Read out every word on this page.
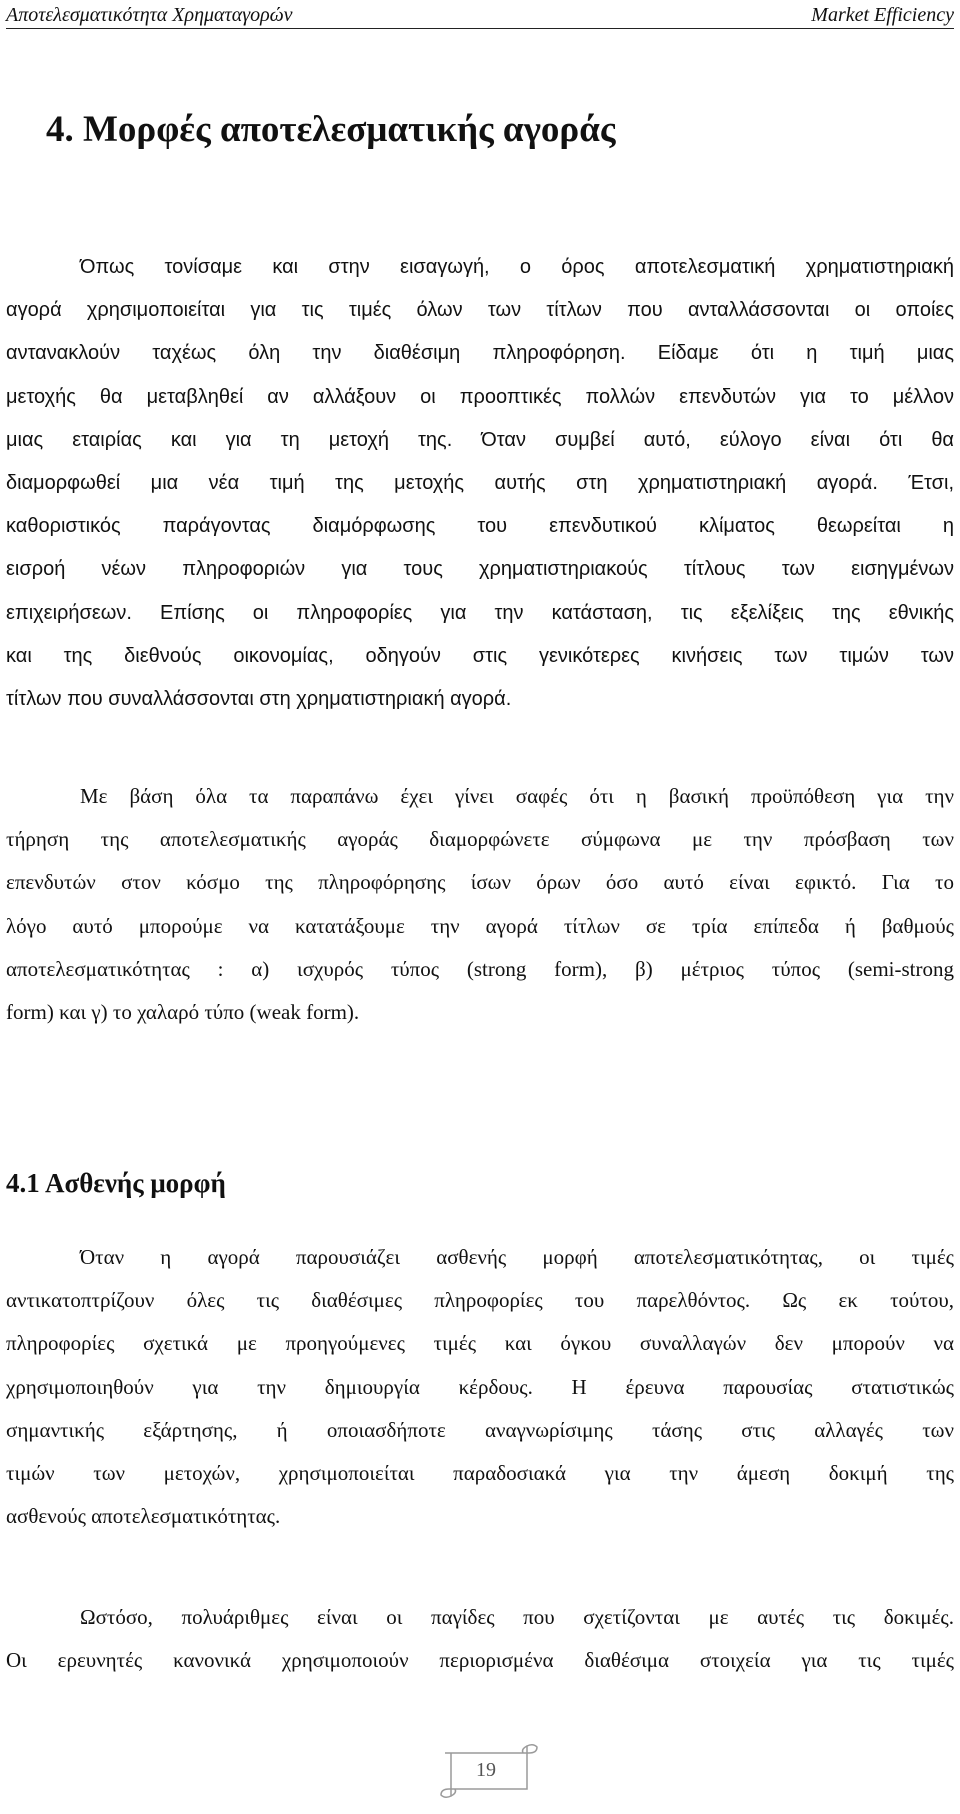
Αποτελεσματικότητα Χρηματαγορών	Market Efficiency
4. Μορφές αποτελεσματικής αγοράς
Όπως τονίσαμε και στην εισαγωγή, ο όρος αποτελεσματική χρηματιστηριακή
αγορά χρησιμοποιείται για τις τιμές όλων των τίτλων που ανταλλάσσονται οι οποίες
αντανακλούν ταχέως όλη την διαθέσιμη πληροφόρηση. Είδαμε ότι η τιμή μιας
μετοχής θα μεταβληθεί αν αλλάξουν οι προοπτικές πολλών επενδυτών για το μέλλον
μιας εταιρίας και για τη μετοχή της. Όταν συμβεί αυτό, εύλογο είναι ότι θα
διαμορφωθεί μια νέα τιμή της μετοχής αυτής στη χρηματιστηριακή αγορά. Έτσι,
καθοριστικός παράγοντας διαμόρφωσης του επενδυτικού κλίματος θεωρείται η
εισροή νέων πληροφοριών για τους χρηματιστηριακούς τίτλους των εισηγμένων
επιχειρήσεων. Επίσης οι πληροφορίες για την κατάσταση, τις εξελίξεις της εθνικής
και της διεθνούς οικονομίας, οδηγούν στις γενικότερες κινήσεις των τιμών των
τίτλων που συναλλάσσονται στη χρηματιστηριακή αγορά.
Με βάση όλα τα παραπάνω έχει γίνει σαφές ότι η βασική προϋπόθεση για την
τήρηση της αποτελεσματικής αγοράς διαμορφώνετε σύμφωνα με την πρόσβαση των
επενδυτών στον κόσμο της πληροφόρησης ίσων όρων όσο αυτό είναι εφικτό. Για το
λόγο αυτό μπορούμε να κατατάξουμε την αγορά τίτλων σε τρία επίπεδα ή βαθμούς
αποτελεσματικότητας : α) ισχυρός τύπος (strong form), β) μέτριος τύπος (semi-strong
form) και γ) το χαλαρό τύπο (weak form).
4.1 Ασθενής μορφή
Όταν η αγορά παρουσιάζει ασθενής μορφή αποτελεσματικότητας, οι τιμές
αντικατοπτρίζουν όλες τις διαθέσιμες πληροφορίες του παρελθόντος. Ως εκ τούτου,
πληροφορίες σχετικά με προηγούμενες τιμές και όγκου συναλλαγών δεν μπορούν να
χρησιμοποιηθούν για την δημιουργία κέρδους. Η έρευνα παρουσίας στατιστικώς
σημαντικής εξάρτησης, ή οποιασδήποτε αναγνωρίσιμης τάσης στις αλλαγές των
τιμών των μετοχών, χρησιμοποιείται παραδοσιακά για την άμεση δοκιμή της
ασθενούς αποτελεσματικότητας.
Ωστόσο, πολυάριθμες είναι οι παγίδες που σχετίζονται με αυτές τις δοκιμές.
Οι ερευνητές κανονικά χρησιμοποιούν περιορισμένα διαθέσιμα στοιχεία για τις τιμές
19
